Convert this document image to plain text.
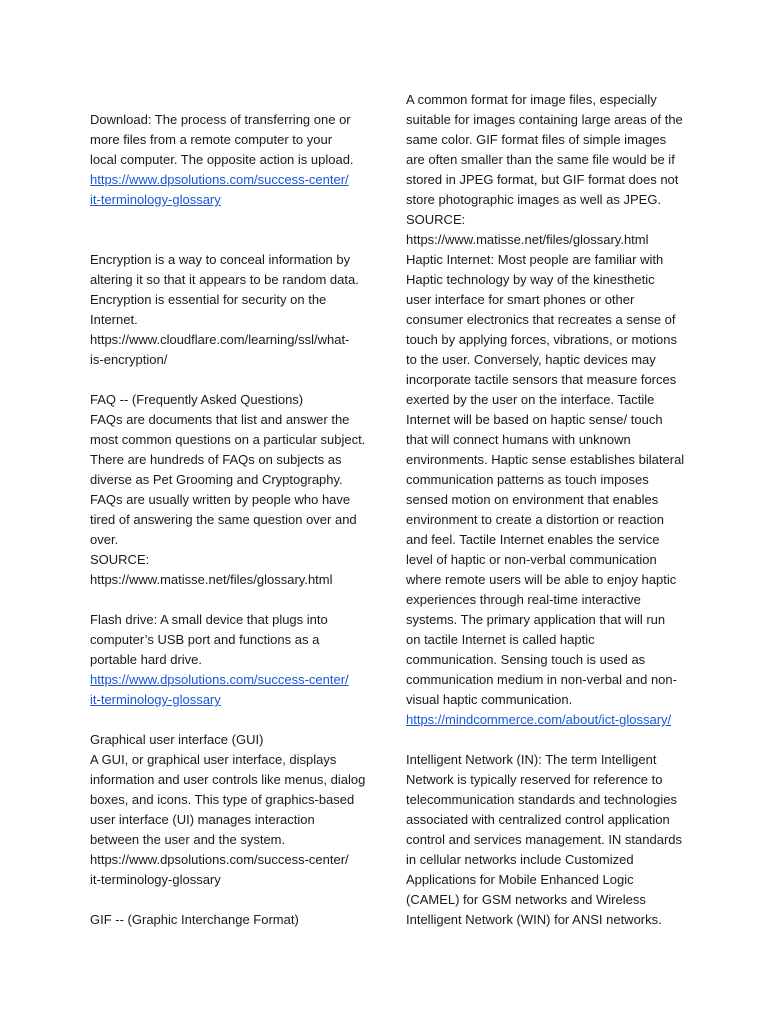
Download: The process of transferring one or
more files from a remote computer to your
local computer. The opposite action is upload.
https://www.dpsolutions.com/success-center/
it-terminology-glossary
Encryption is a way to conceal information by
altering it so that it appears to be random data.
Encryption is essential for security on the
Internet.
https://www.cloudflare.com/learning/ssl/what-
is-encryption/
FAQ -- (Frequently Asked Questions)
FAQs are documents that list and answer the
most common questions on a particular subject.
There are hundreds of FAQs on subjects as
diverse as Pet Grooming and Cryptography.
FAQs are usually written by people who have
tired of answering the same question over and
over.
SOURCE:
https://www.matisse.net/files/glossary.html
Flash drive: A small device that plugs into
computer’s USB port and functions as a
portable hard drive.
https://www.dpsolutions.com/success-center/
it-terminology-glossary
Graphical user interface (GUI)
A GUI, or graphical user interface, displays
information and user controls like menus, dialog
boxes, and icons. This type of graphics-based
user interface (UI) manages interaction
between the user and the system.
https://www.dpsolutions.com/success-center/
it-terminology-glossary
GIF -- (Graphic Interchange Format)
A common format for image files, especially
suitable for images containing large areas of the
same color. GIF format files of simple images
are often smaller than the same file would be if
stored in JPEG format, but GIF format does not
store photographic images as well as JPEG.
SOURCE:
https://www.matisse.net/files/glossary.html
Haptic Internet: Most people are familiar with
Haptic technology by way of the kinesthetic
user interface for smart phones or other
consumer electronics that recreates a sense of
touch by applying forces, vibrations, or motions
to the user. Conversely, haptic devices may
incorporate tactile sensors that measure forces
exerted by the user on the interface. Tactile
Internet will be based on haptic sense/ touch
that will connect humans with unknown
environments. Haptic sense establishes bilateral
communication patterns as touch imposes
sensed motion on environment that enables
environment to create a distortion or reaction
and feel. Tactile Internet enables the service
level of haptic or non-verbal communication
where remote users will be able to enjoy haptic
experiences through real-time interactive
systems. The primary application that will run
on tactile Internet is called haptic
communication. Sensing touch is used as
communication medium in non-verbal and non-
visual haptic communication.
https://mindcommerce.com/about/ict-glossary/
Intelligent Network (IN): The term Intelligent
Network is typically reserved for reference to
telecommunication standards and technologies
associated with centralized control application
control and services management. IN standards
in cellular networks include Customized
Applications for Mobile Enhanced Logic
(CAMEL) for GSM networks and Wireless
Intelligent Network (WIN) for ANSI networks.
